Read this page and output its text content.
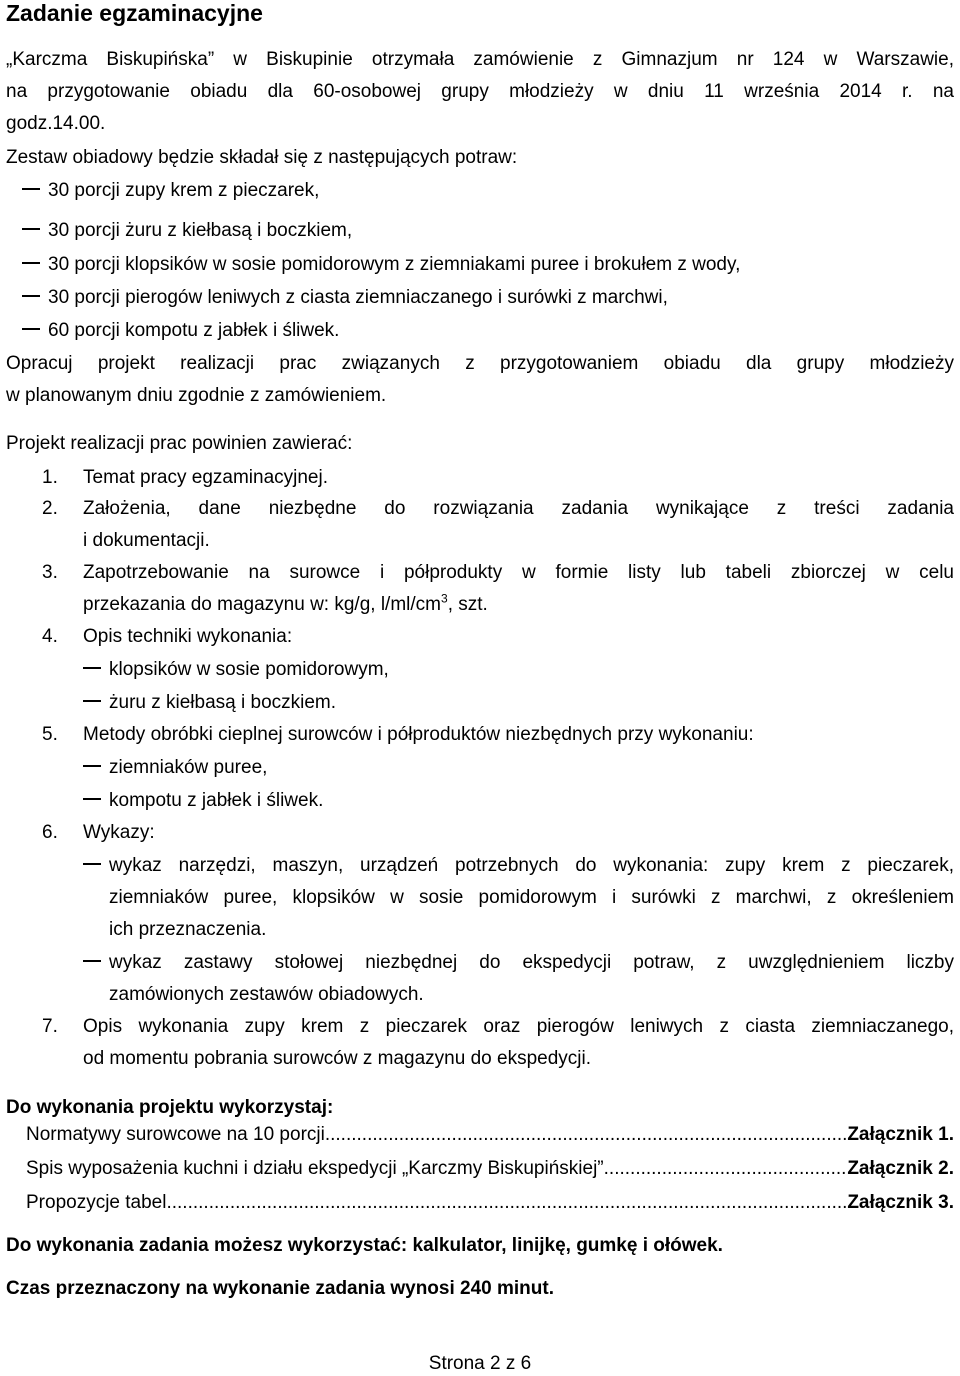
Zadanie egzaminacyjne
„Karczma Biskupińska” w Biskupinie otrzymała zamówienie z Gimnazjum nr 124 w Warszawie,
na przygotowanie obiadu dla 60-osobowej grupy młodzieży w dniu 11 września 2014 r. na
godz.14.00.
Zestaw obiadowy będzie składał się z następujących potraw:
30 porcji zupy krem z pieczarek,
30 porcji żuru z kiełbasą i boczkiem,
30 porcji klopsików w sosie pomidorowym z ziemniakami puree i brokułem z wody,
30 porcji pierogów leniwych z ciasta ziemniaczanego i surówki z marchwi,
60 porcji kompotu z jabłek i śliwek.
Opracuj projekt realizacji prac związanych z przygotowaniem obiadu dla grupy młodzieży
w planowanym dniu zgodnie z zamówieniem.
Projekt realizacji prac powinien zawierać:
1. Temat pracy egzaminacyjnej.
2. Założenia, dane niezbędne do rozwiązania zadania wynikające z treści zadania
i dokumentacji.
3. Zapotrzebowanie na surowce i półprodukty w formie listy lub tabeli zbiorczej w celu
przekazania do magazynu w: kg/g, $l/ml/cm^3$, szt.
4. Opis techniki wykonania:
klopsików w sosie pomidorowym,
żuru z kiełbasą i boczkiem.
5. Metody obróbki cieplnej surowców i półproduktów niezbędnych przy wykonaniu:
ziemniaków puree,
kompotu z jabłek i śliwek.
6. Wykazy:
wykaz narzędzi, maszyn, urządzeń potrzebnych do wykonania: zupy krem z pieczarek,
ziemniaków puree, klopsików w sosie pomidorowym i surówki z marchwi, z określeniem
ich przeznaczenia.
wykaz zastawy stołowej niezbędnej do ekspedycji potraw, z uwzględnieniem liczby
zamówionych zestawów obiadowych.
7. Opis wykonania zupy krem z pieczarek oraz pierogów leniwych z ciasta ziemniaczanego,
od momentu pobrania surowców z magazynu do ekspedycji.
Do wykonania projektu wykorzystaj:
Normatywy surowcowe na 10 porcji. .....	Załącznik 1.
Spis wyposażenia kuchni i działu ekspedycji „Karczmy Biskupińskiej” .....	Załącznik 2.
Propozycje tabel .....	Załącznik 3.
Do wykonania zadania możesz wykorzystać: kalkulator, linijkę, gumkę i ołówek.
Czas przeznaczony na wykonanie zadania wynosi 240 minut.
Strona 2 z 6
